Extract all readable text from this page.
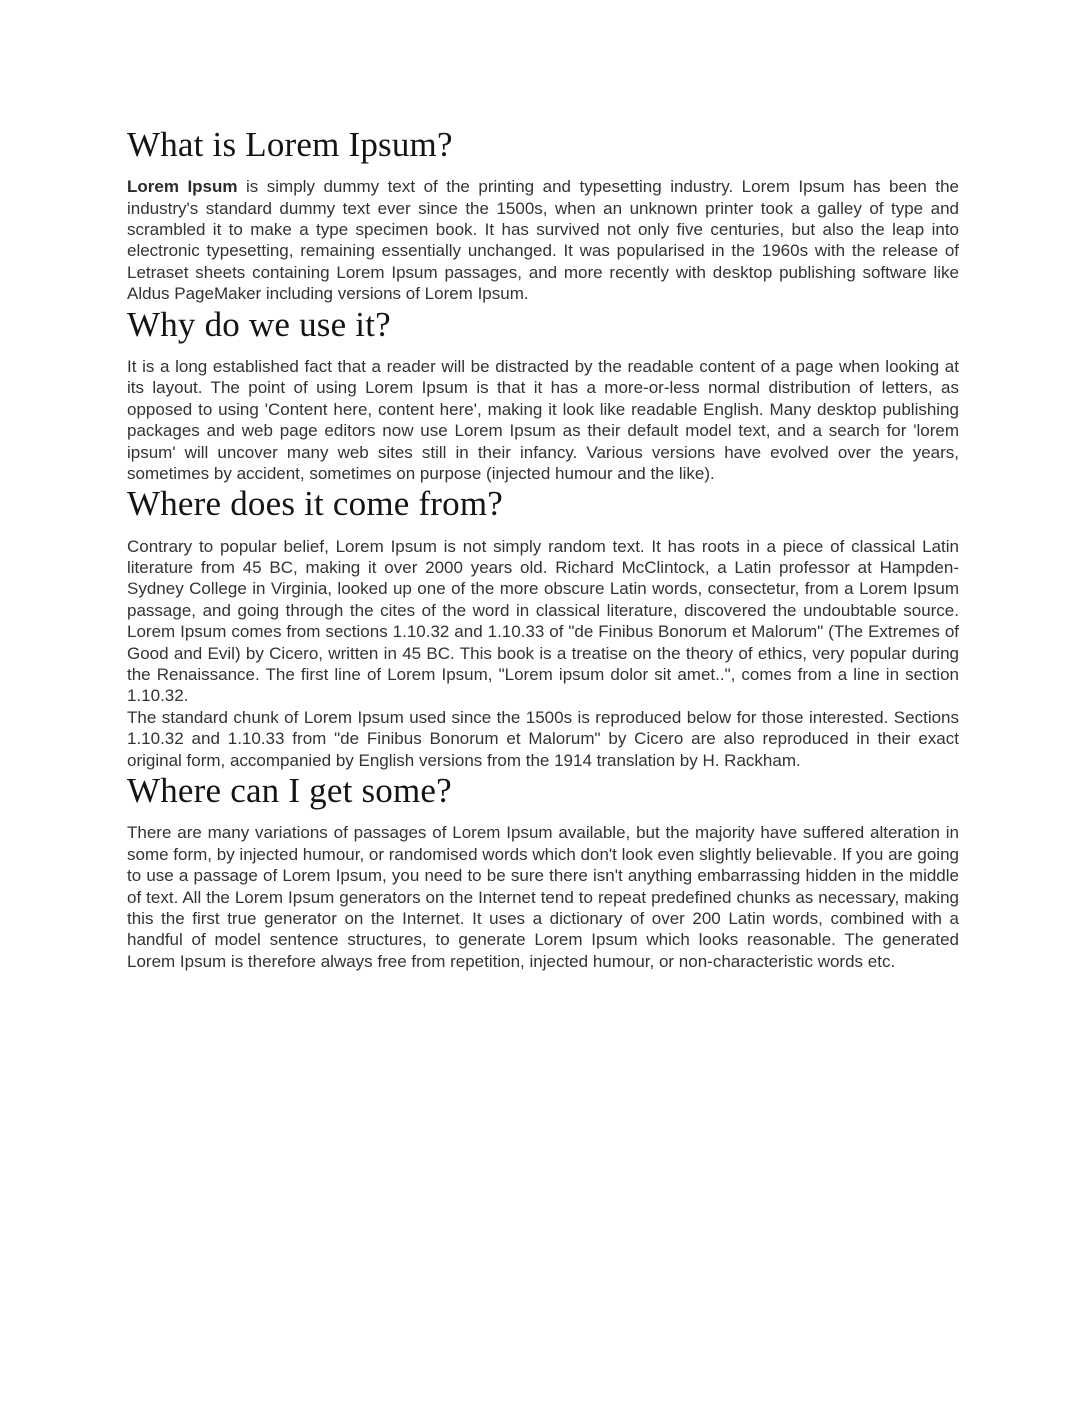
What is Lorem Ipsum?

Lorem Ipsum is simply dummy text of the printing and typesetting industry. Lorem Ipsum has been the industry's standard dummy text ever since the 1500s, when an unknown printer took a galley of type and scrambled it to make a type specimen book. It has survived not only five centuries, but also the leap into electronic typesetting, remaining essentially unchanged. It was popularised in the 1960s with the release of Letraset sheets containing Lorem Ipsum passages, and more recently with desktop publishing software like Aldus PageMaker including versions of Lorem Ipsum.

Why do we use it?

It is a long established fact that a reader will be distracted by the readable content of a page when looking at its layout. The point of using Lorem Ipsum is that it has a more-or-less normal distribution of letters, as opposed to using 'Content here, content here', making it look like readable English. Many desktop publishing packages and web page editors now use Lorem Ipsum as their default model text, and a search for 'lorem ipsum' will uncover many web sites still in their infancy. Various versions have evolved over the years, sometimes by accident, sometimes on purpose (injected humour and the like).

Where does it come from?

Contrary to popular belief, Lorem Ipsum is not simply random text. It has roots in a piece of classical Latin literature from 45 BC, making it over 2000 years old. Richard McClintock, a Latin professor at Hampden-Sydney College in Virginia, looked up one of the more obscure Latin words, consectetur, from a Lorem Ipsum passage, and going through the cites of the word in classical literature, discovered the undoubtable source. Lorem Ipsum comes from sections 1.10.32 and 1.10.33 of "de Finibus Bonorum et Malorum" (The Extremes of Good and Evil) by Cicero, written in 45 BC. This book is a treatise on the theory of ethics, very popular during the Renaissance. The first line of Lorem Ipsum, "Lorem ipsum dolor sit amet..", comes from a line in section 1.10.32.

The standard chunk of Lorem Ipsum used since the 1500s is reproduced below for those interested. Sections 1.10.32 and 1.10.33 from "de Finibus Bonorum et Malorum" by Cicero are also reproduced in their exact original form, accompanied by English versions from the 1914 translation by H. Rackham.

Where can I get some?

There are many variations of passages of Lorem Ipsum available, but the majority have suffered alteration in some form, by injected humour, or randomised words which don't look even slightly believable. If you are going to use a passage of Lorem Ipsum, you need to be sure there isn't anything embarrassing hidden in the middle of text. All the Lorem Ipsum generators on the Internet tend to repeat predefined chunks as necessary, making this the first true generator on the Internet. It uses a dictionary of over 200 Latin words, combined with a handful of model sentence structures, to generate Lorem Ipsum which looks reasonable. The generated Lorem Ipsum is therefore always free from repetition, injected humour, or non-characteristic words etc.
